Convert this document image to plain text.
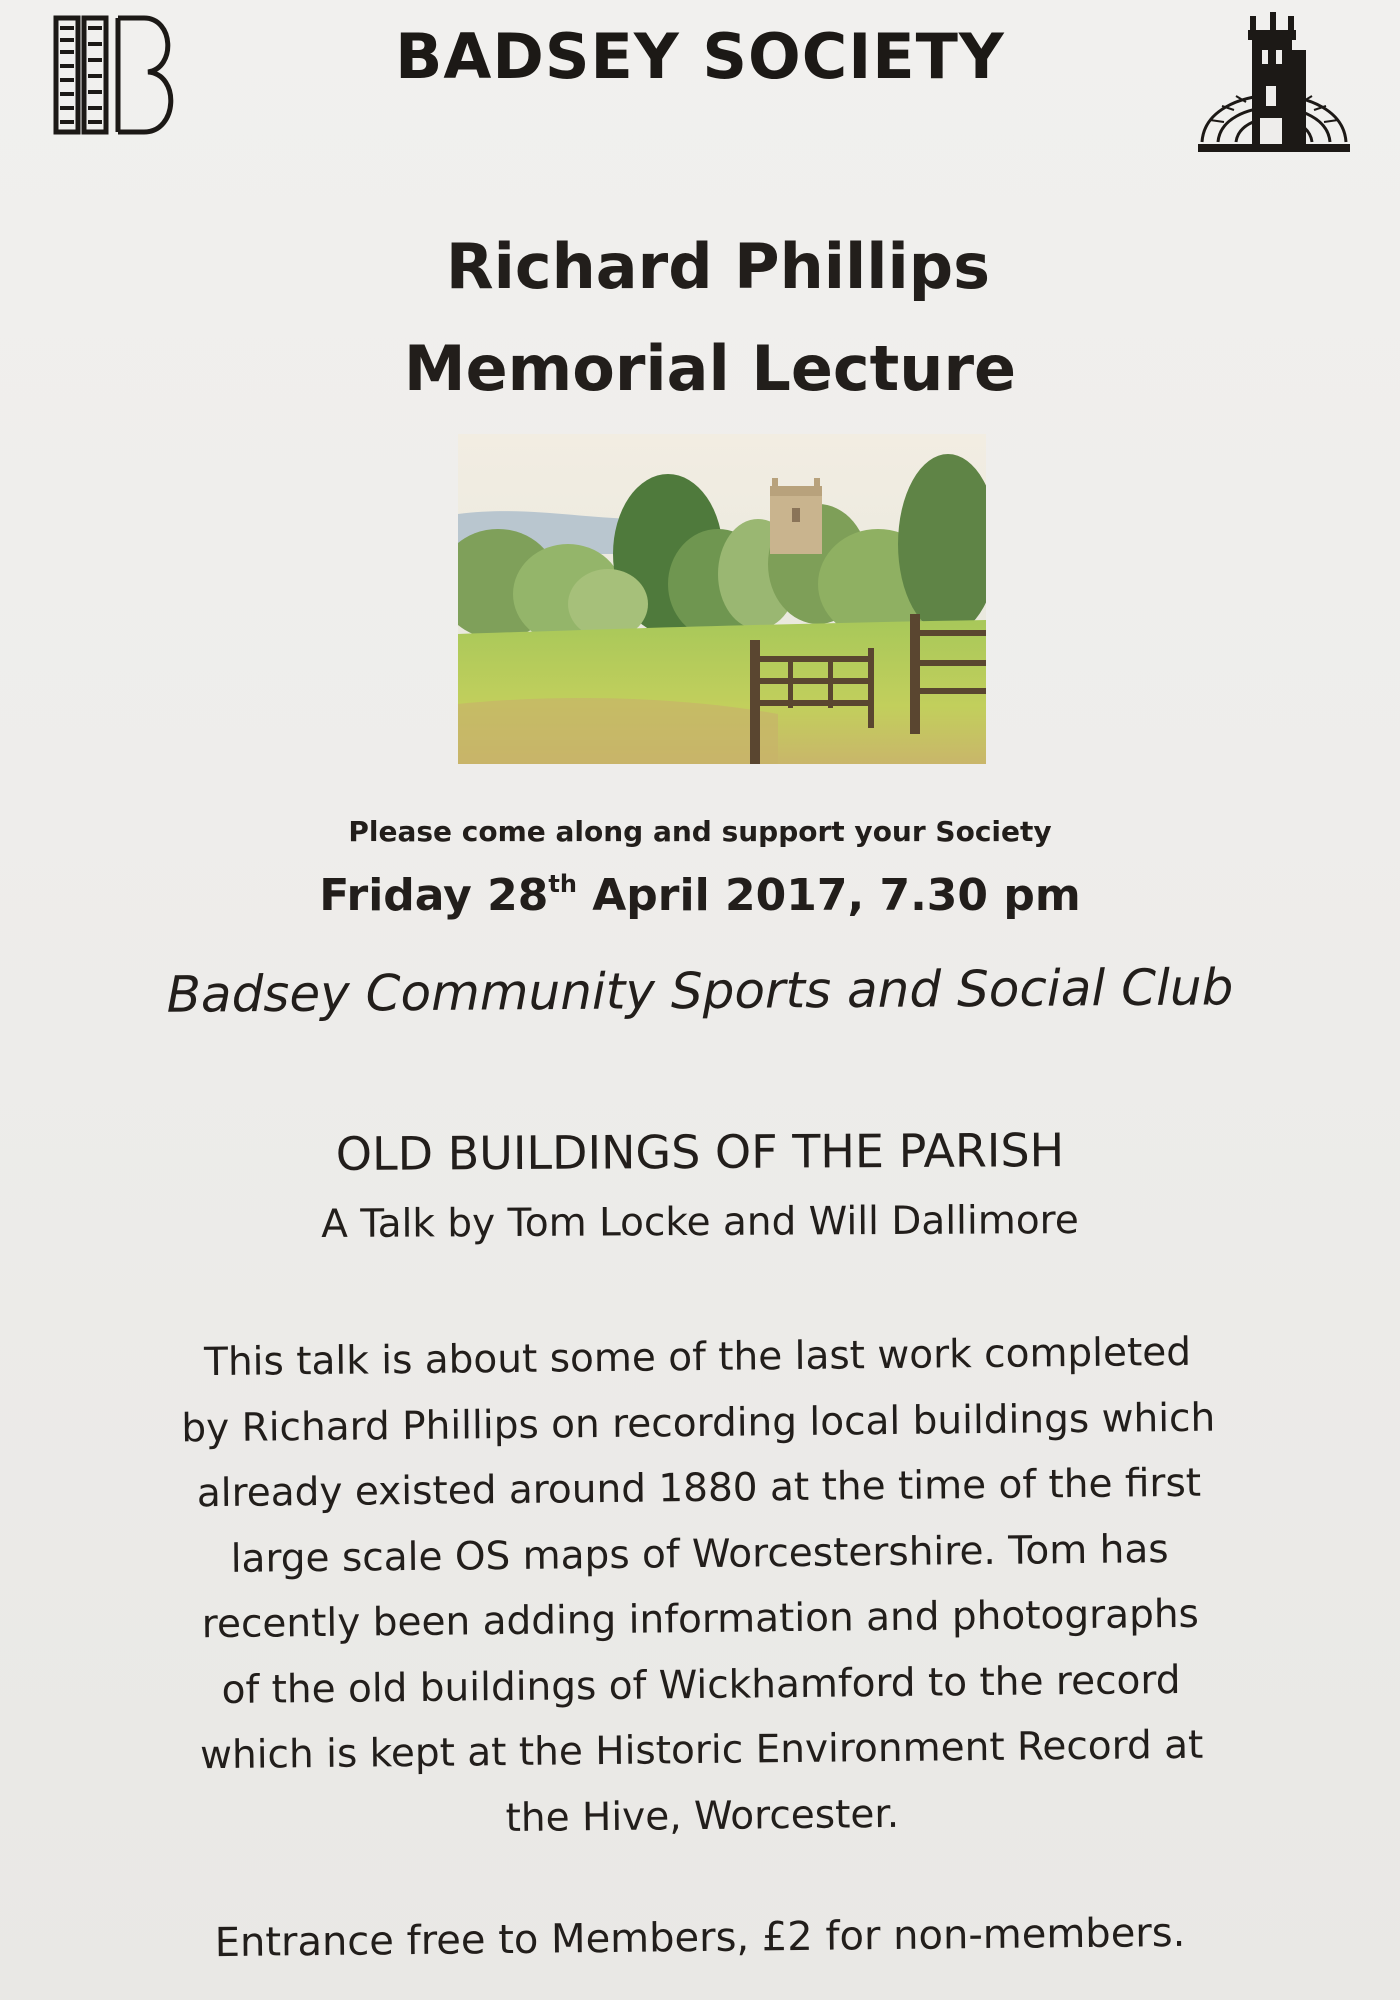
BADSEY SOCIETY
Richard Phillips
Memorial Lecture
Please come along and support your Society
Friday 28th April 2017, 7.30 pm
Badsey Community Sports and Social Club
OLD BUILDINGS OF THE PARISH
A Talk by Tom Locke and Will Dallimore
This talk is about some of the last work completed
by Richard Phillips on recording local buildings which
already existed around 1880 at the time of the first
large scale OS maps of Worcestershire. Tom has
recently been adding information and photographs
of the old buildings of Wickhamford to the record
which is kept at the Historic Environment Record at
the Hive, Worcester.
Entrance free to Members, £2 for non-members.
